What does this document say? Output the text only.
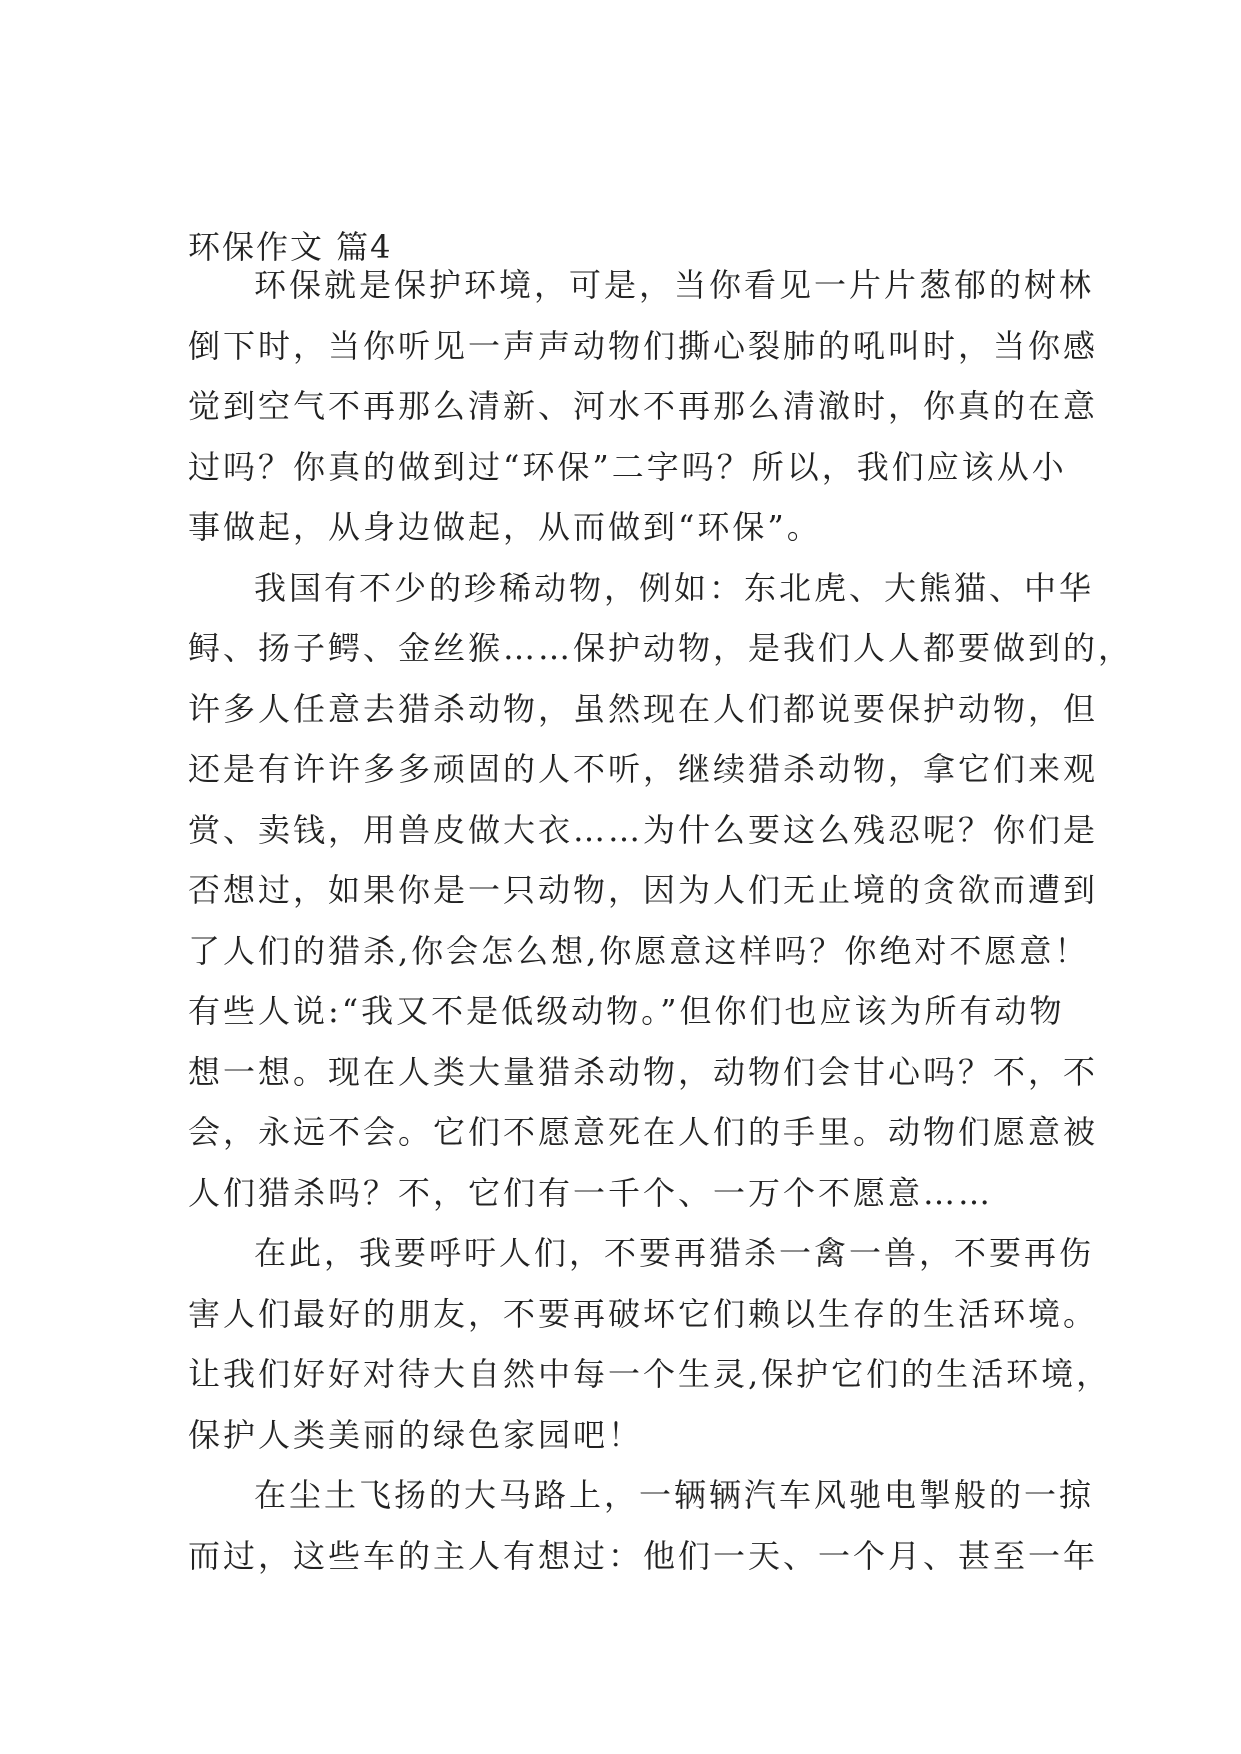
环保作文 篇4
环保就是保护环境，可是，当你看见一片片葱郁的树林
倒下时，当你听见一声声动物们撕心裂肺的吼叫时，当你感
觉到空气不再那么清新、河水不再那么清澈时，你真的在意
过吗？你真的做到过“环保”二字吗？所以，我们应该从小
事做起，从身边做起，从而做到“环保”。
我国有不少的珍稀动物，例如：东北虎、大熊猫、中华
鲟、扬子鳄、金丝猴……保护动物，是我们人人都要做到的，
许多人任意去猎杀动物，虽然现在人们都说要保护动物，但
还是有许许多多顽固的人不听，继续猎杀动物，拿它们来观
赏、卖钱，用兽皮做大衣……为什么要这么残忍呢？你们是
否想过，如果你是一只动物，因为人们无止境的贪欲而遭到
了人们的猎杀,你会怎么想,你愿意这样吗？你绝对不愿意！
有些人说:“我又不是低级动物。”但你们也应该为所有动物
想一想。现在人类大量猎杀动物，动物们会甘心吗？不，不
会，永远不会。它们不愿意死在人们的手里。动物们愿意被
人们猎杀吗？不，它们有一千个、一万个不愿意……
在此，我要呼吁人们，不要再猎杀一禽一兽，不要再伤
害人们最好的朋友，不要再破坏它们赖以生存的生活环境。
让我们好好对待大自然中每一个生灵,保护它们的生活环境，
保护人类美丽的绿色家园吧！
在尘土飞扬的大马路上，一辆辆汽车风驰电掣般的一掠
而过，这些车的主人有想过：他们一天、一个月、甚至一年
